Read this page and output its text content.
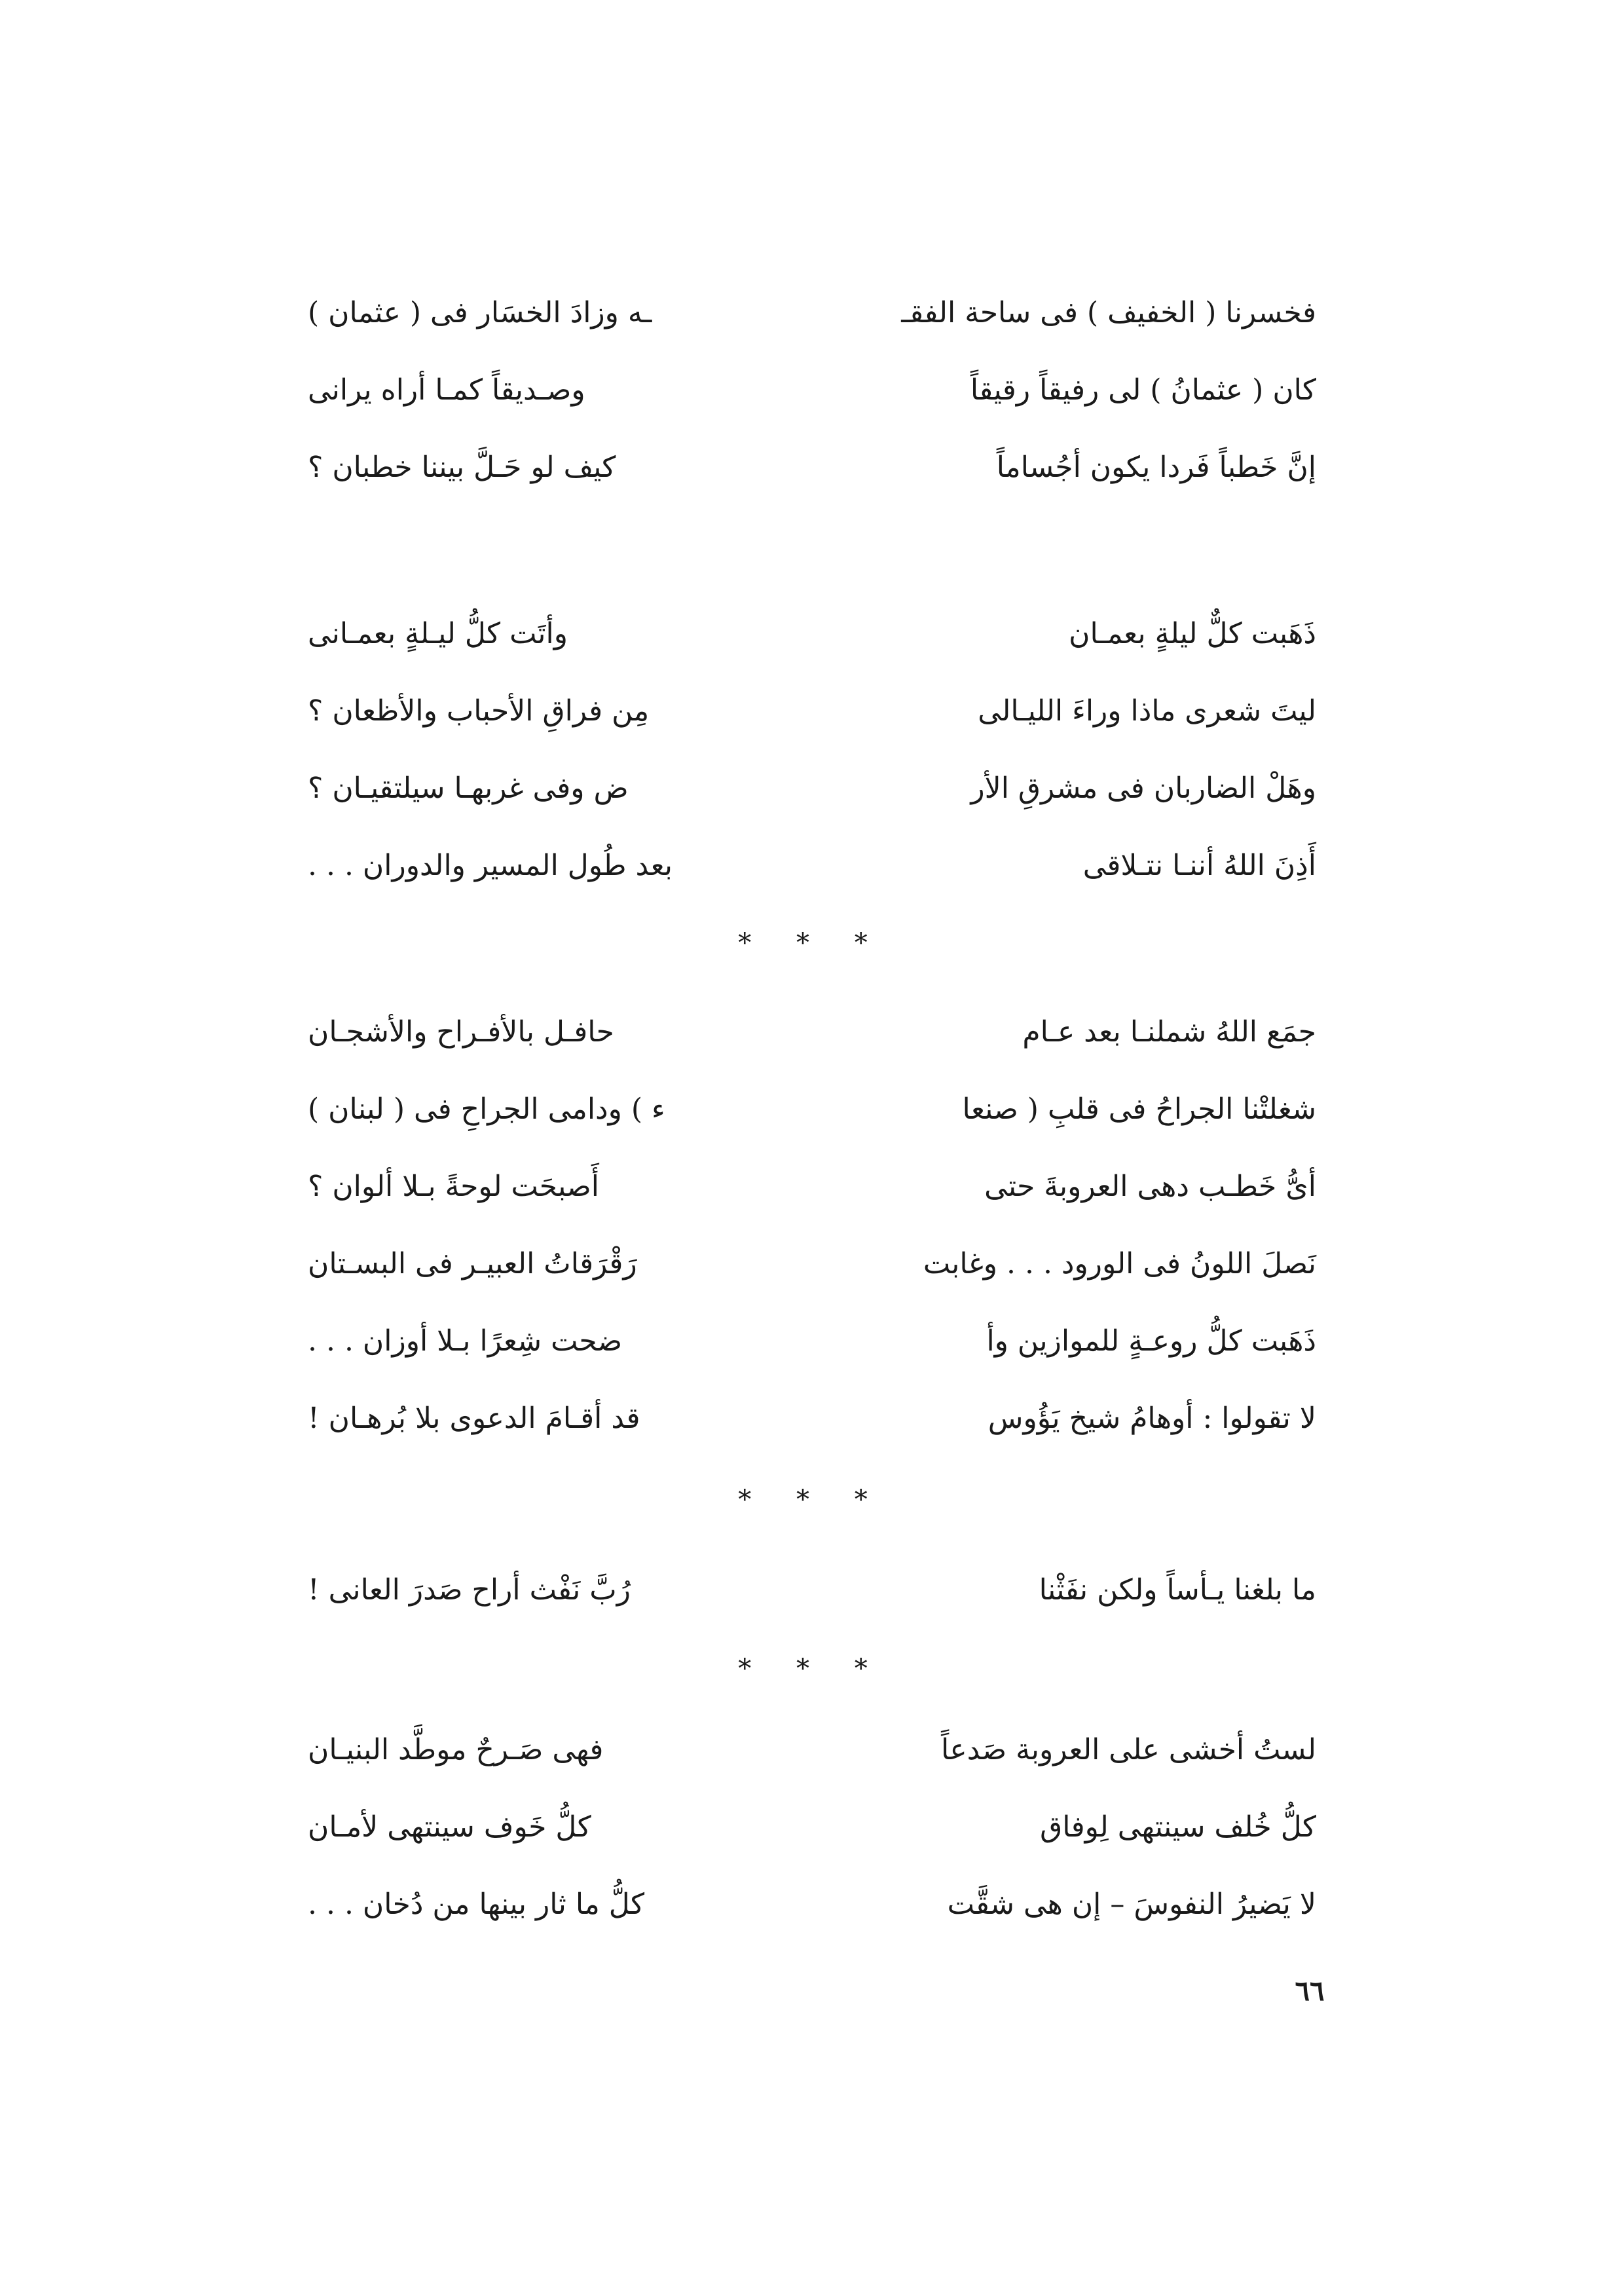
فخسرنا ( الخفيف ) فى ساحة الفقـ
ـه وزادَ الخسَار فى ( عثمان )
كان ( عثمانُ ) لى رفيقاً رقيقاً
وصـديقاً كمـا أراه يرانى
إنَّ خَطباً فَردا يكون أجُساماً
كيف لو حَـلَّ بيننا خطبان ؟
ذَهَبت كلٌّ ليلةٍ بعمـان
وأتَت كلُّ ليـلةٍ بعمـانى
ليتَ شعرى ماذا وراءَ الليـالى
مِن فراقِ الأحباب والأظعان ؟
وهَلْ الضاربان فى مشرقِ الأر
ض وفى غربهـا سيلتقيـان ؟
أَذِنَ اللهُ أننـا نتـلاقى
بعد طُول المسير والدوران . . .
* * *
جمَع اللهُ شملنـا بعد عـام
حافـل بالأفـراح والأشجـان
شغلتْنا الجراحُ فى قلبِ ( صنعا
ء ) ودامى الجراحِ فى ( لبنان )
أىُّ خَطـب دهى العروبةَ حتى
أَصبحَت لوحةً بـلا ألوان ؟
نَصلَ اللونُ فى الورود . . . وغابت
رَقْرَقاتُ العبيـر فى البسـتان
ذَهَبت كلُّ روعـةٍ للموازين وأ
ضحت شِعرًا بـلا أوزان . . .
لا تقولوا : أوهامُ شيخ يَؤُوس
قد أقـامَ الدعوى بلا بُرهـان !
* * *
ما بلغنا يـأساً ولكن نفَثْنا
رُبَّ نَفْث أراح صَدرَ العانى !
* * *
لستُ أخشى على العروبة صَدعاً
فهى صَـرحٌ موطَّد البنيـان
كلُّ خُلف سينتهى لِوفاق
كلُّ خَوف سينتهى لأمـان
لا يَضيرُ النفوسَ – إن هى شقَّت
كلُّ ما ثار بينها من دُخان . . .
٦٦
